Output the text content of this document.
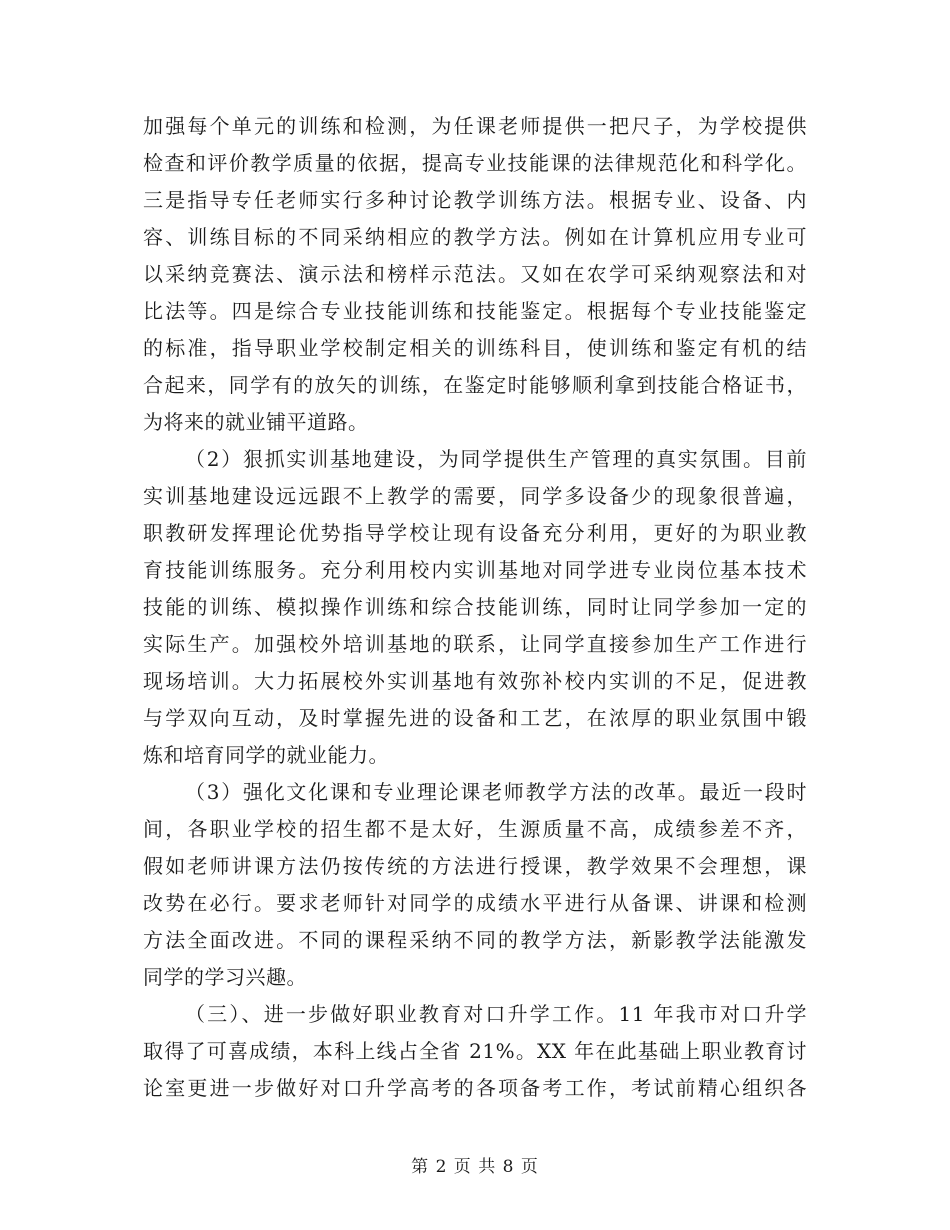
加强每个单元的训练和检测，为任课老师提供一把尺子，为学校提供
检查和评价教学质量的依据，提高专业技能课的法律规范化和科学化。
三是指导专任老师实行多种讨论教学训练方法。根据专业、设备、内
容、训练目标的不同采纳相应的教学方法。例如在计算机应用专业可
以采纳竞赛法、演示法和榜样示范法。又如在农学可采纳观察法和对
比法等。四是综合专业技能训练和技能鉴定。根据每个专业技能鉴定
的标准，指导职业学校制定相关的训练科目，使训练和鉴定有机的结
合起来，同学有的放矢的训练，在鉴定时能够顺利拿到技能合格证书，
为将来的就业铺平道路。
（2）狠抓实训基地建设，为同学提供生产管理的真实氛围。目前
实训基地建设远远跟不上教学的需要，同学多设备少的现象很普遍，
职教研发挥理论优势指导学校让现有设备充分利用，更好的为职业教
育技能训练服务。充分利用校内实训基地对同学进专业岗位基本技术
技能的训练、模拟操作训练和综合技能训练，同时让同学参加一定的
实际生产。加强校外培训基地的联系，让同学直接参加生产工作进行
现场培训。大力拓展校外实训基地有效弥补校内实训的不足，促进教
与学双向互动，及时掌握先进的设备和工艺，在浓厚的职业氛围中锻
炼和培育同学的就业能力。
（3）强化文化课和专业理论课老师教学方法的改革。最近一段时
间，各职业学校的招生都不是太好，生源质量不高，成绩参差不齐，
假如老师讲课方法仍按传统的方法进行授课，教学效果不会理想，课
改势在必行。要求老师针对同学的成绩水平进行从备课、讲课和检测
方法全面改进。不同的课程采纳不同的教学方法，新影教学法能激发
同学的学习兴趣。
（三）、进一步做好职业教育对口升学工作。11 年我市对口升学
取得了可喜成绩，本科上线占全省 21%。XX 年在此基础上职业教育讨
论室更进一步做好对口升学高考的各项备考工作，考试前精心组织各
第 2 页 共 8 页
